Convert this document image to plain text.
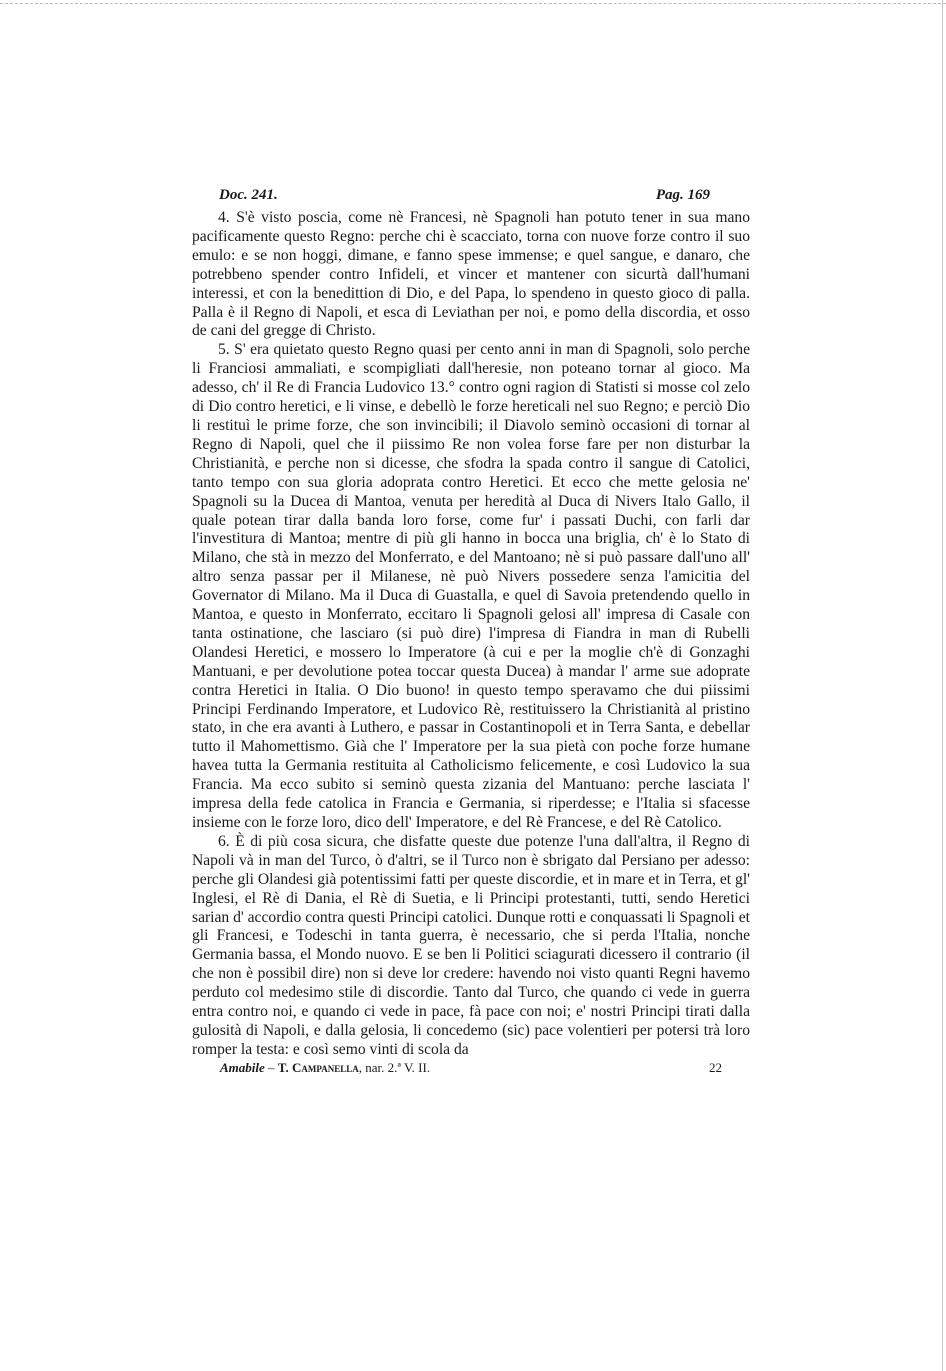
Doc. 241.	Pag. 169

4. S'è visto poscia, come nè Francesi, nè Spagnoli han potuto tener in sua mano pacificamente questo Regno: perche chi è scacciato, torna con nuove forze contro il suo emulo: e se non hoggi, dimane, e fanno spese immense; e quel sangue, e danaro, che potrebbeno spender contro Infideli, et vincer et mantener con sicurtà dall'humani interessi, et con la benedittion di Dio, e del Papa, lo spendeno in questo gioco di palla. Palla è il Regno di Napoli, et esca di Leviathan per noi, e pomo della discordia, et osso de cani del gregge di Christo.

5. S' era quietato questo Regno quasi per cento anni in man di Spagnoli, solo perche li Franciosi ammaliati, e scompigliati dall'heresie, non poteano tornar al gioco. Ma adesso, ch' il Re di Francia Ludovico 13.° contro ogni ragion di Statisti si mosse col zelo di Dio contro heretici, e li vinse, e debellò le forze hereticali nel suo Regno; e perciò Dio li restituì le prime forze, che son invincibili; il Diavolo seminò occasioni di tornar al Regno di Napoli, quel che il piissimo Re non volea forse fare per non disturbar la Christianità, e perche non si dicesse, che sfodra la spada contro il sangue di Catolici, tanto tempo con sua gloria adoprata contro Heretici. Et ecco che mette gelosia ne' Spagnoli su la Ducea di Mantoa, venuta per heredità al Duca di Nivers Italo Gallo, il quale potean tirar dalla banda loro forse, come fur' i passati Duchi, con farli dar l'investitura di Mantoa; mentre di più gli hanno in bocca una briglia, ch' è lo Stato di Milano, che stà in mezzo del Monferrato, e del Mantoano; nè si può passare dall'uno all' altro senza passar per il Milanese, nè può Nivers possedere senza l'amicitia del Governator di Milano. Ma il Duca di Guastalla, e quel di Savoia pretendendo quello in Mantoa, e questo in Monferrato, eccitaro li Spagnoli gelosi all' impresa di Casale con tanta ostinatione, che lasciaro (si può dire) l'impresa di Fiandra in man di Rubelli Olandesi Heretici, e mossero lo Imperatore (à cui e per la moglie ch'è di Gonzaghi Mantuani, e per devolutione potea toccar questa Ducea) à mandar l' arme sue adoprate contra Heretici in Italia. O Dio buono! in questo tempo speravamo che dui piissimi Principi Ferdinando Imperatore, et Ludovico Rè, restituissero la Christianità al pristino stato, in che era avanti à Luthero, e passar in Costantinopoli et in Terra Santa, e debellar tutto il Mahomettismo. Già che l' Imperatore per la sua pietà con poche forze humane havea tutta la Germania restituita al Catholicismo felicemente, e così Ludovico la sua Francia. Ma ecco subito si seminò questa zizania del Mantuano: perche lasciata l' impresa della fede catolica in Francia e Germania, si riperdesse; e l'Italia si sfacesse insieme con le forze loro, dico dell' Imperatore, e del Rè Francese, e del Rè Catolico.

6. È di più cosa sicura, che disfatte queste due potenze l'una dall'altra, il Regno di Napoli và in man del Turco, ò d'altri, se il Turco non è sbrigato dal Persiano per adesso: perche gli Olandesi già potentissimi fatti per queste discordie, et in mare et in Terra, et gl' Inglesi, el Rè di Dania, el Rè di Suetia, e li Principi protestanti, tutti, sendo Heretici sarian d' accordio contra questi Principi catolici. Dunque rotti e conquassati li Spagnoli et gli Francesi, e Todeschi in tanta guerra, è necessario, che si perda l'Italia, nonche Germania bassa, el Mondo nuovo. E se ben li Politici sciagurati dicessero il contrario (il che non è possibil dire) non si deve lor credere: havendo noi visto quanti Regni havemo perduto col medesimo stile di discordie. Tanto dal Turco, che quando ci vede in guerra entra contro noi, e quando ci vede in pace, fà pace con noi; e' nostri Principi tirati dalla gulosità di Napoli, e dalla gelosia, li concedemo (sic) pace volentieri per potersi trà loro romper la testa: e così semo vinti di scola da

Amabile – T. Campanella, nar. 2.ª V. II.	22
